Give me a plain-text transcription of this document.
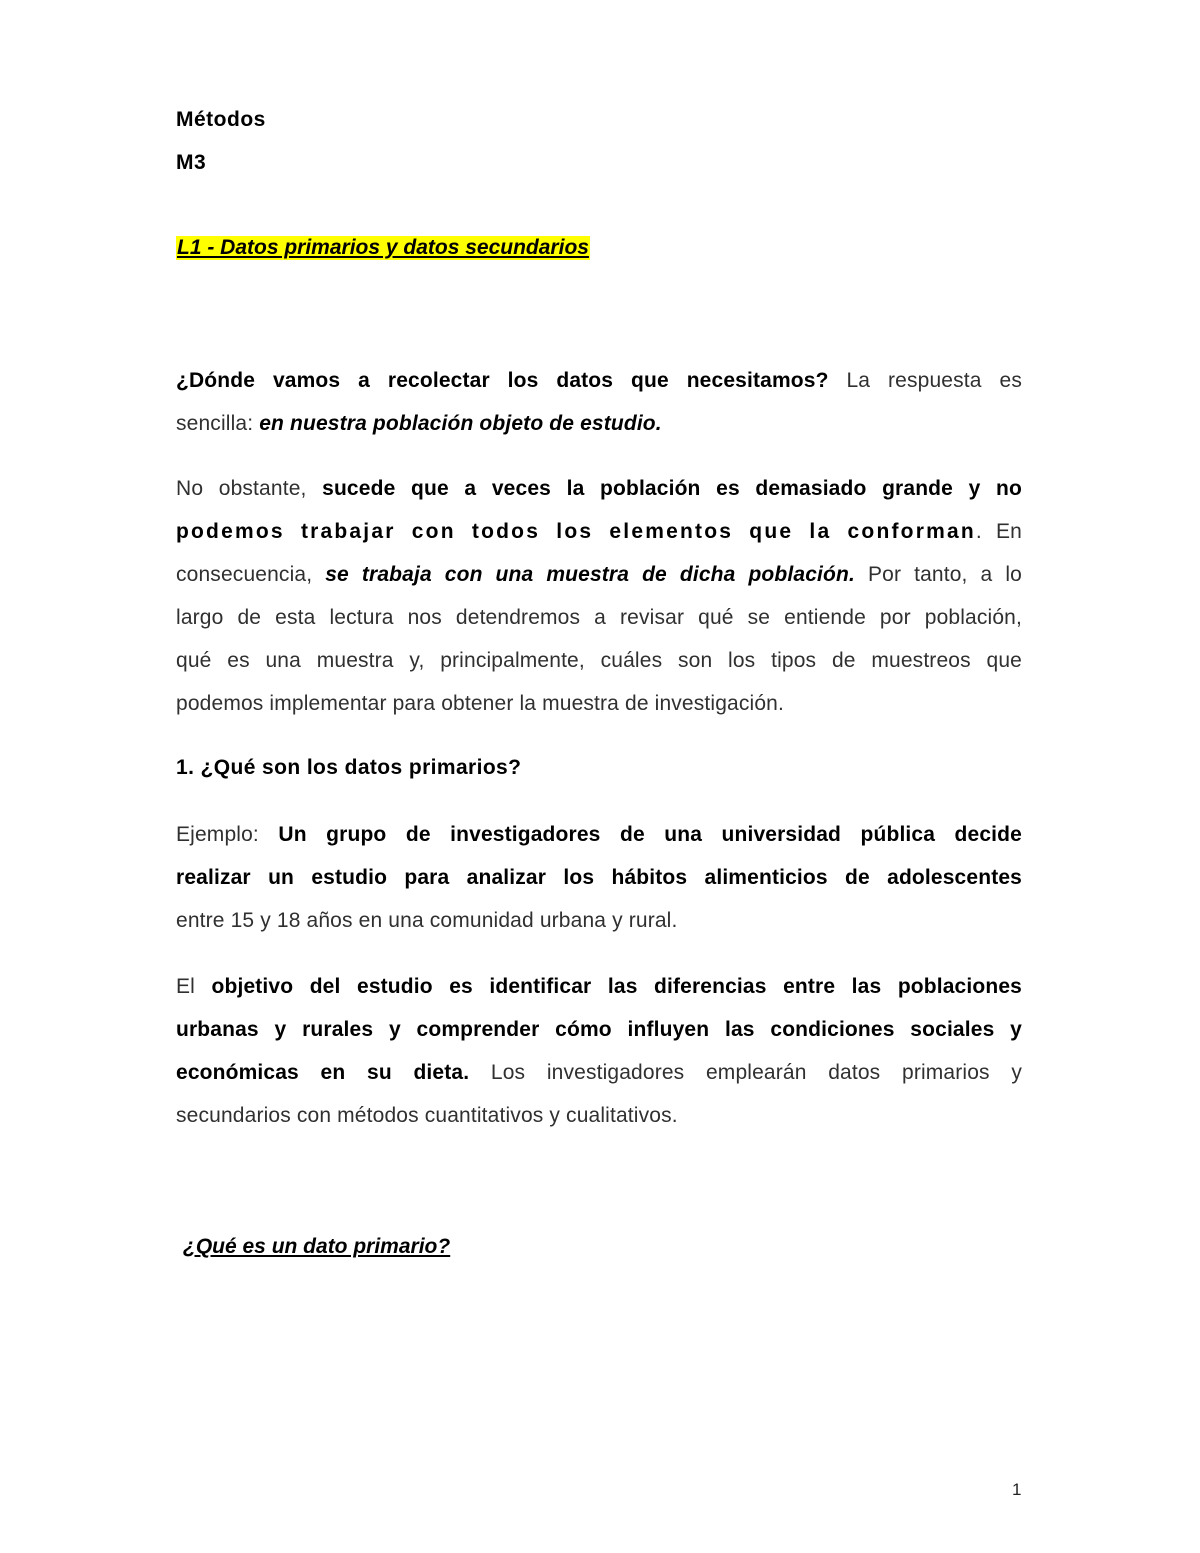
Métodos
M3
L1 - Datos primarios y datos secundarios
¿Dónde vamos a recolectar los datos que necesitamos? La respuesta es
sencilla: en nuestra población objeto de estudio.
No obstante, sucede que a veces la población es demasiado grande y no
podemos trabajar con todos los elementos que la conforman. En
consecuencia, se trabaja con una muestra de dicha población. Por tanto, a lo
largo de esta lectura nos detendremos a revisar qué se entiende por población,
qué es una muestra y, principalmente, cuáles son los tipos de muestreos que
podemos implementar para obtener la muestra de investigación.
1. ¿Qué son los datos primarios?
Ejemplo: Un grupo de investigadores de una universidad pública decide
realizar un estudio para analizar los hábitos alimenticios de adolescentes
entre 15 y 18 años en una comunidad urbana y rural.
El objetivo del estudio es identificar las diferencias entre las poblaciones
urbanas y rurales y comprender cómo influyen las condiciones sociales y
económicas en su dieta. Los investigadores emplearán datos primarios y
secundarios con métodos cuantitativos y cualitativos.
¿Qué es un dato primario?
1
